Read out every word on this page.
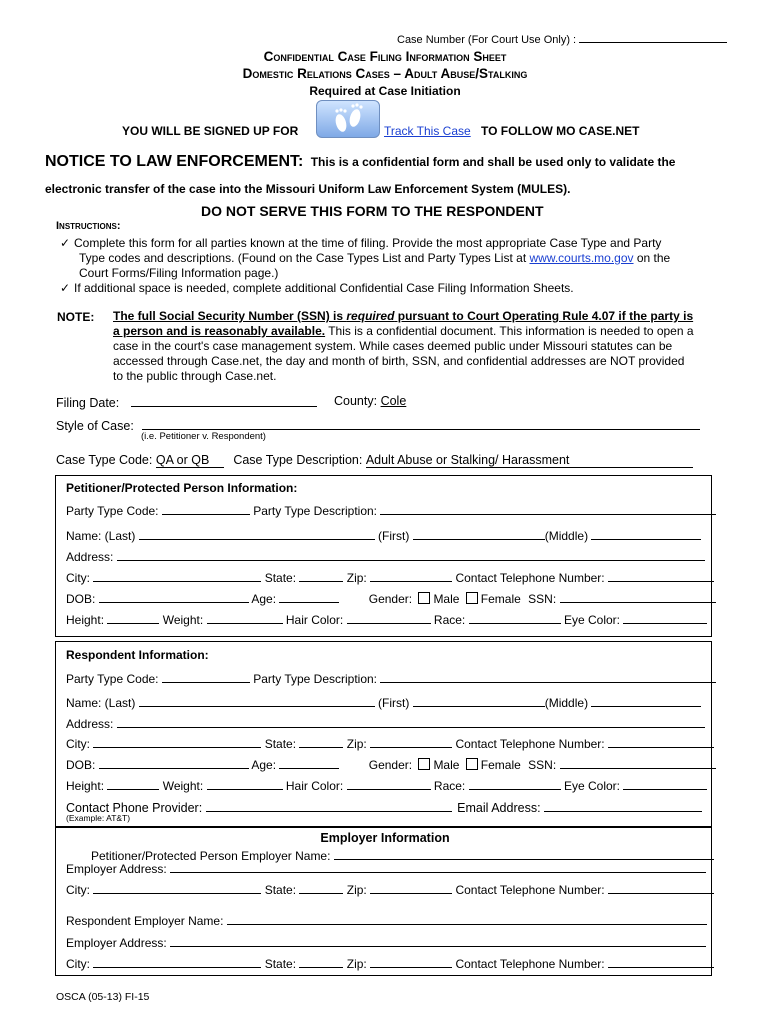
Case Number (For Court Use Only) :
Confidential Case Filing Information Sheet
Domestic Relations Cases – Adult Abuse/Stalking
Required at Case Initiation
YOU WILL BE SIGNED UP FOR	Track This Case TO FOLLOW MO CASE.NET
NOTICE TO LAW ENFORCEMENT: This is a confidential form and shall be used only to validate the
electronic transfer of the case into the Missouri Uniform Law Enforcement System (MULES).
DO NOT SERVE THIS FORM TO THE RESPONDENT
Instructions:
✓ Complete this form for all parties known at the time of filing. Provide the most appropriate Case Type and Party
Type codes and descriptions. (Found on the Case Types List and Party Types List at www.courts.mo.gov on the
Court Forms/Filing Information page.)
✓ If additional space is needed, complete additional Confidential Case Filing Information Sheets.
NOTE: The full Social Security Number (SSN) is required pursuant to Court Operating Rule 4.07 if the party is
a person and is reasonably available. This is a confidential document. This information is needed to open a
case in the court's case management system. While cases deemed public under Missouri statutes can be
accessed through Case.net, the day and month of birth, SSN, and confidential addresses are NOT provided
to the public through Case.net.
Filing Date:	County: Cole
Style of Case:
(i.e. Petitioner v. Respondent)
Case Type Code: QA or QB Case Type Description: Adult Abuse or Stalking/ Harassment
Petitioner/Protected Person Information:
Party Type Code:	Party Type Description:
Name: (Last)	(First)	(Middle)
Address:
City:	State:	Zip:	Contact Telephone Number:
DOB:	Age:	Gender: Male Female SSN:
Height:	Weight:	Hair Color:	Race:	Eye Color:
Respondent Information:
Party Type Code:	Party Type Description:
Name: (Last)	(First)	(Middle)
Address:
City:	State:	Zip:	Contact Telephone Number:
DOB:	Age:	Gender: Male Female SSN:
Height:	Weight:	Hair Color:	Race:	Eye Color:
Contact Phone Provider:	Email Address:
(Example: AT&T)
Employer Information
Petitioner/Protected Person Employer Name:
Employer Address:
City:	State:	Zip:	Contact Telephone Number:
Respondent Employer Name:
Employer Address:
City:	State:	Zip:	Contact Telephone Number:
OSCA (05-13) FI-15
